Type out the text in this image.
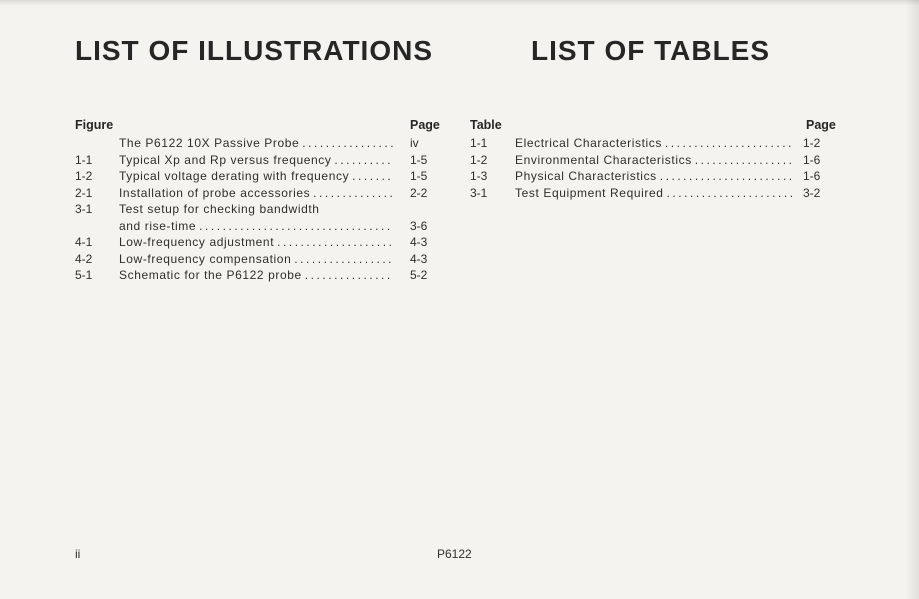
LIST OF ILLUSTRATIONS	LIST OF TABLES
Figure	Page Table	Page
The P6122 10X Passive Probe . . .	iv
1-1 Typical Xp and Rp versus frequency . . .	1-5
1-2 Typical voltage derating with frequency . . .	1-5
2-1 Installation of probe accessories . . .	2-2
3-1 Test setup for checking bandwidth
and rise-time . . .	3-6
4-1 Low-frequency adjustment . . .	4-3
4-2 Low-frequency compensation . . .	4-3
5-1 Schematic for the P6122 probe . . .	5-2
1-1 Electrical Characteristics . . .	1-2
1-2 Environmental Characteristics . . .	1-6
1-3 Physical Characteristics . . .	1-6
3-1 Test Equipment Required . . .	3-2
ii	P6122
